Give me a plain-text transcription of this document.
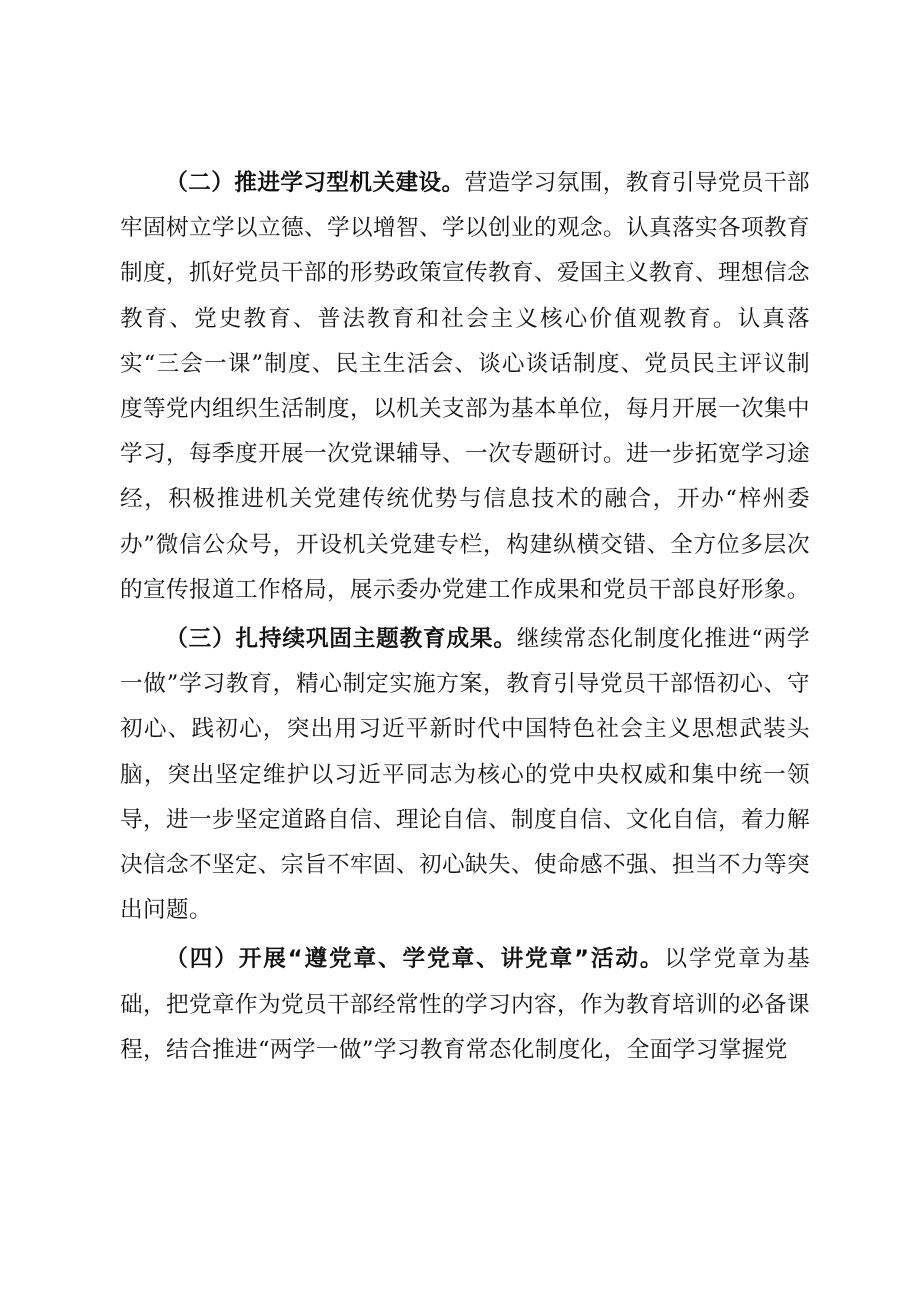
（二）推进学习型机关建设。营造学习氛围，教育引导党员干部牢固树立学以立德、学以增智、学以创业的观念。认真落实各项教育制度，抓好党员干部的形势政策宣传教育、爱国主义教育、理想信念教育、党史教育、普法教育和社会主义核心价值观教育。认真落实“三会一课”制度、民主生活会、谈心谈话制度、党员民主评议制度等党内组织生活制度，以机关支部为基本单位，每月开展一次集中学习，每季度开展一次党课辅导、一次专题研讨。进一步拓宽学习途经，积极推进机关党建传统优势与信息技术的融合，开办“梓州委办”微信公众号，开设机关党建专栏，构建纵横交错、全方位多层次的宣传报道工作格局，展示委办党建工作成果和党员干部良好形象。

（三）扎持续巩固主题教育成果。继续常态化制度化推进“两学一做”学习教育，精心制定实施方案，教育引导党员干部悟初心、守初心、践初心，突出用习近平新时代中国特色社会主义思想武装头脑，突出坚定维护以习近平同志为核心的党中央权威和集中统一领导，进一步坚定道路自信、理论自信、制度自信、文化自信，着力解决信念不坚定、宗旨不牢固、初心缺失、使命感不强、担当不力等突出问题。

（四）开展“遵党章、学党章、讲党章”活动。以学党章为基础，把党章作为党员干部经常性的学习内容，作为教育培训的必备课程，结合推进“两学一做”学习教育常态化制度化，全面学习掌握党
